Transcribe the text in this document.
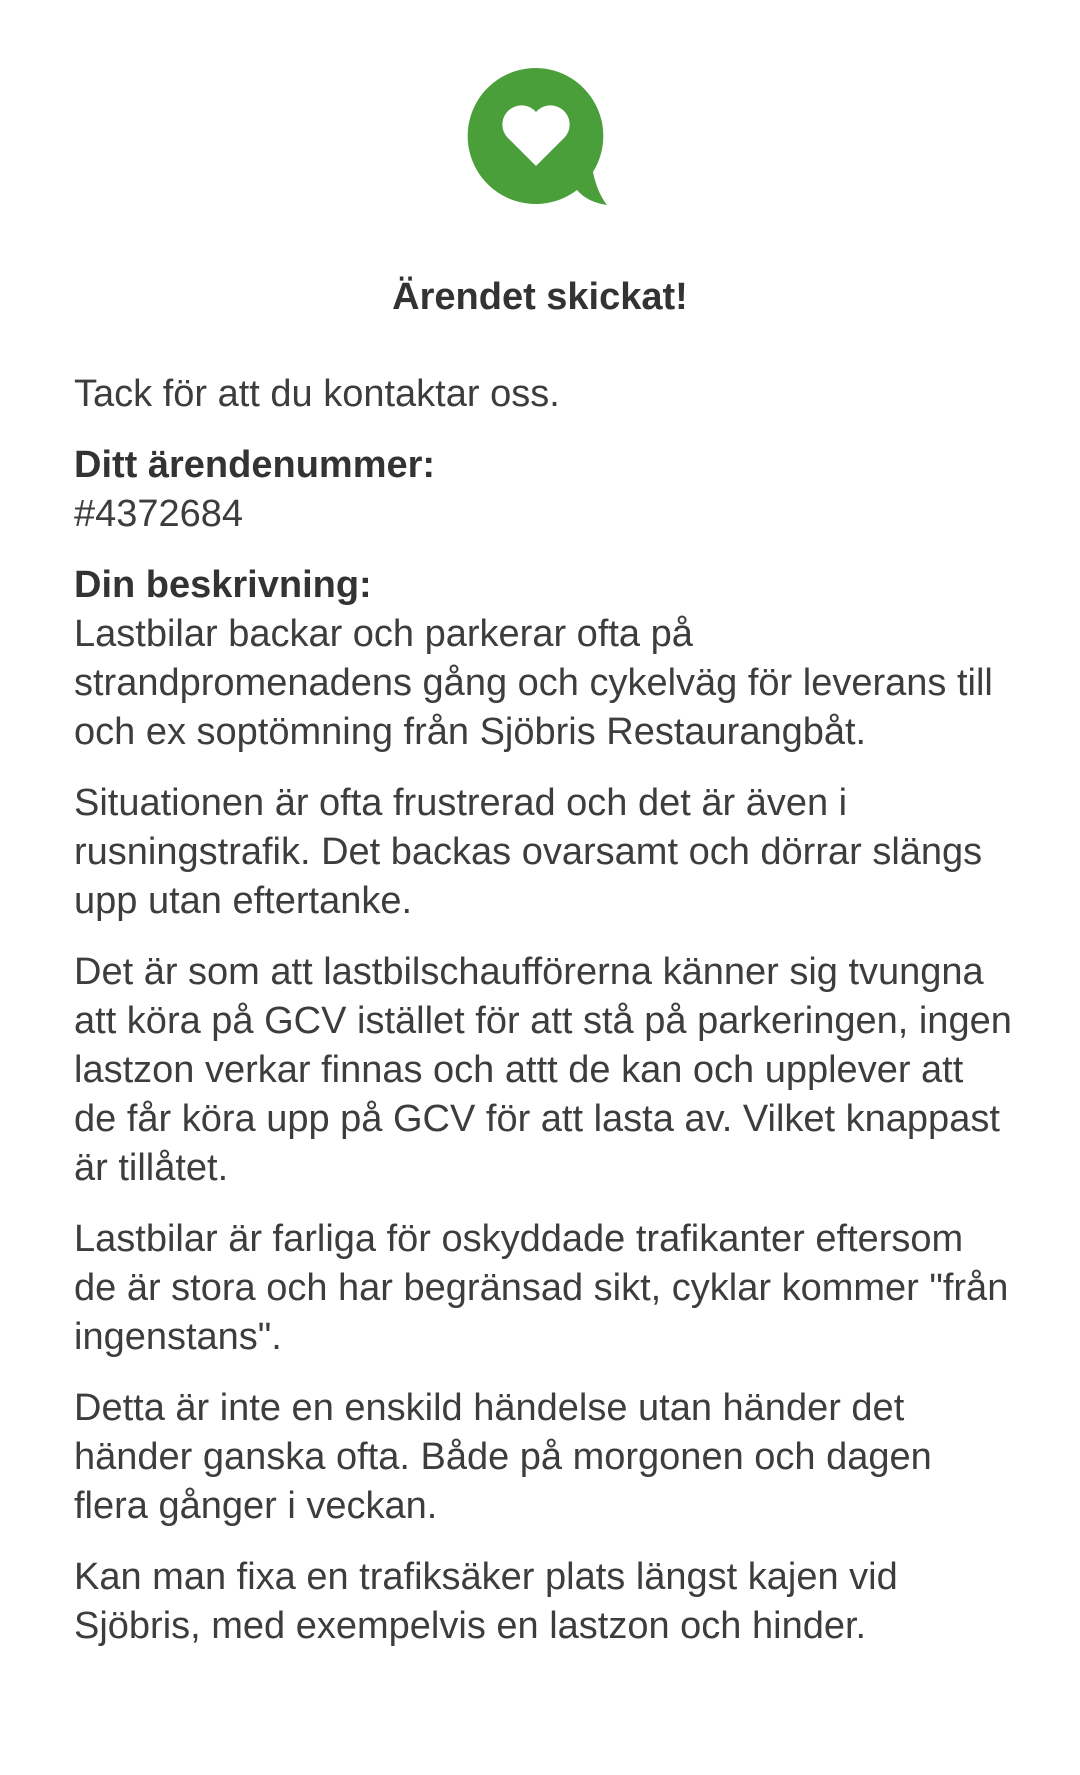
Ärendet skickat!

Tack för att du kontaktar oss.

Ditt ärendenummer:
#4372684
Din beskrivning:

Lastbilar backar och parkerar ofta på strandpromenadens gång och cykelväg för leverans till och ex soptömning från Sjöbris Restaurangbåt.

Situationen är ofta frustrerad och det är även i rusningstrafik. Det backas ovarsamt och dörrar slängs upp utan eftertanke.

Det är som att lastbilschaufförerna känner sig tvungna att köra på GCV istället för att stå på parkeringen, ingen lastzon verkar finnas och attt de kan och upplever att de får köra upp på GCV för att lasta av. Vilket knappast är tillåtet.

Lastbilar är farliga för oskyddade trafikanter eftersom de är stora och har begränsad sikt, cyklar kommer "från ingenstans".

Detta är inte en enskild händelse utan händer det händer ganska ofta. Både på morgonen och dagen flera gånger i veckan.

Kan man fixa en trafiksäker plats längst kajen vid Sjöbris, med exempelvis en lastzon och hinder.
